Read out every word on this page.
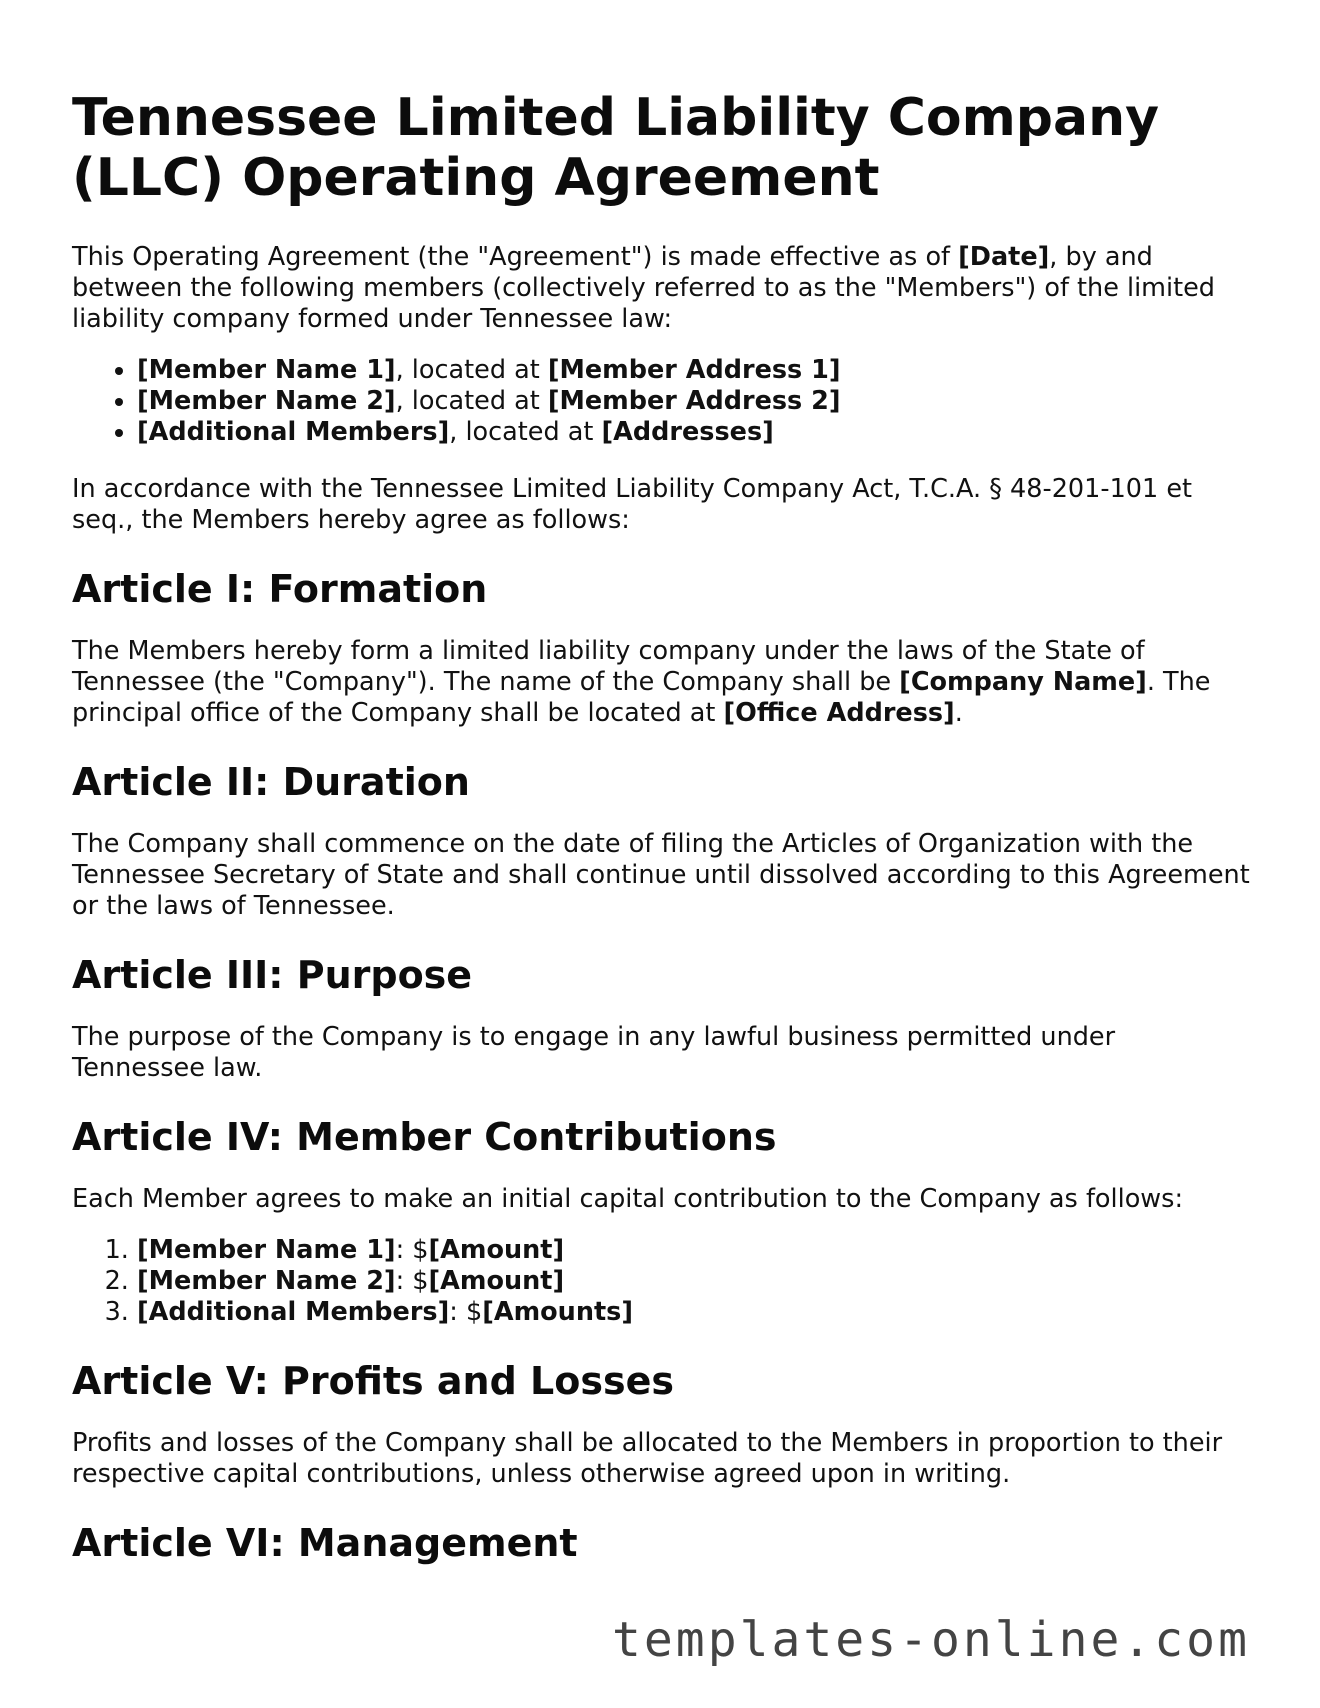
Tennessee Limited Liability Company (LLC) Operating Agreement

This Operating Agreement (the "Agreement") is made effective as of [Date], by and between the following members (collectively referred to as the "Members") of the limited liability company formed under Tennessee law:

• [Member Name 1], located at [Member Address 1]
• [Member Name 2], located at [Member Address 2]
• [Additional Members], located at [Addresses]

In accordance with the Tennessee Limited Liability Company Act, T.C.A. § 48-201-101 et seq., the Members hereby agree as follows:

Article I: Formation

The Members hereby form a limited liability company under the laws of the State of Tennessee (the "Company"). The name of the Company shall be [Company Name]. The principal office of the Company shall be located at [Office Address].

Article II: Duration

The Company shall commence on the date of filing the Articles of Organization with the Tennessee Secretary of State and shall continue until dissolved according to this Agreement or the laws of Tennessee.

Article III: Purpose

The purpose of the Company is to engage in any lawful business permitted under Tennessee law.

Article IV: Member Contributions

Each Member agrees to make an initial capital contribution to the Company as follows:

1. [Member Name 1]: $[Amount]
2. [Member Name 2]: $[Amount]
3. [Additional Members]: $[Amounts]
Article V: Profits and Losses

Profits and losses of the Company shall be allocated to the Members in proportion to their respective capital contributions, unless otherwise agreed upon in writing.

Article VI: Management
templates-online.com
